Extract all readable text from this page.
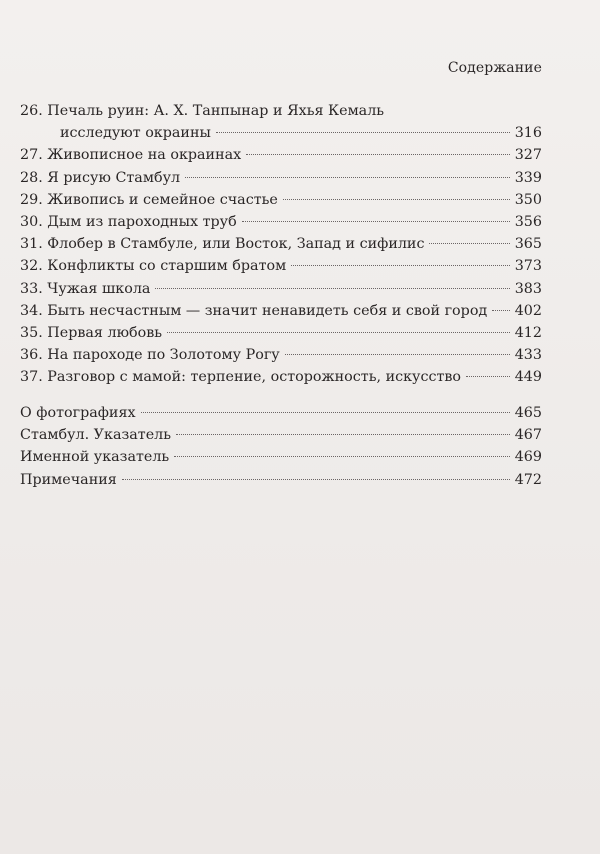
Содержание
26. Печаль руин: А. Х. Танпынар и Яхья Кемаль
исследуют окраины	316
27. Живописное на окраинах	327
28. Я рисую Стамбул	339
29. Живопись и семейное счастье	350
30. Дым из пароходных труб	356
31. Флобер в Стамбуле, или Восток, Запад и сифилис	365
32. Конфликты со старшим братом	373
33. Чужая школа	383
34. Быть несчастным — значит ненавидеть себя и свой город 402
35. Первая любовь	412
36. На пароходе по Золотому Рогу	433
37. Разговор с мамой: терпение, осторожность, искусство	449
О фотографиях	465
Стамбул. Указатель	467
Именной указатель	469
Примечания	472
